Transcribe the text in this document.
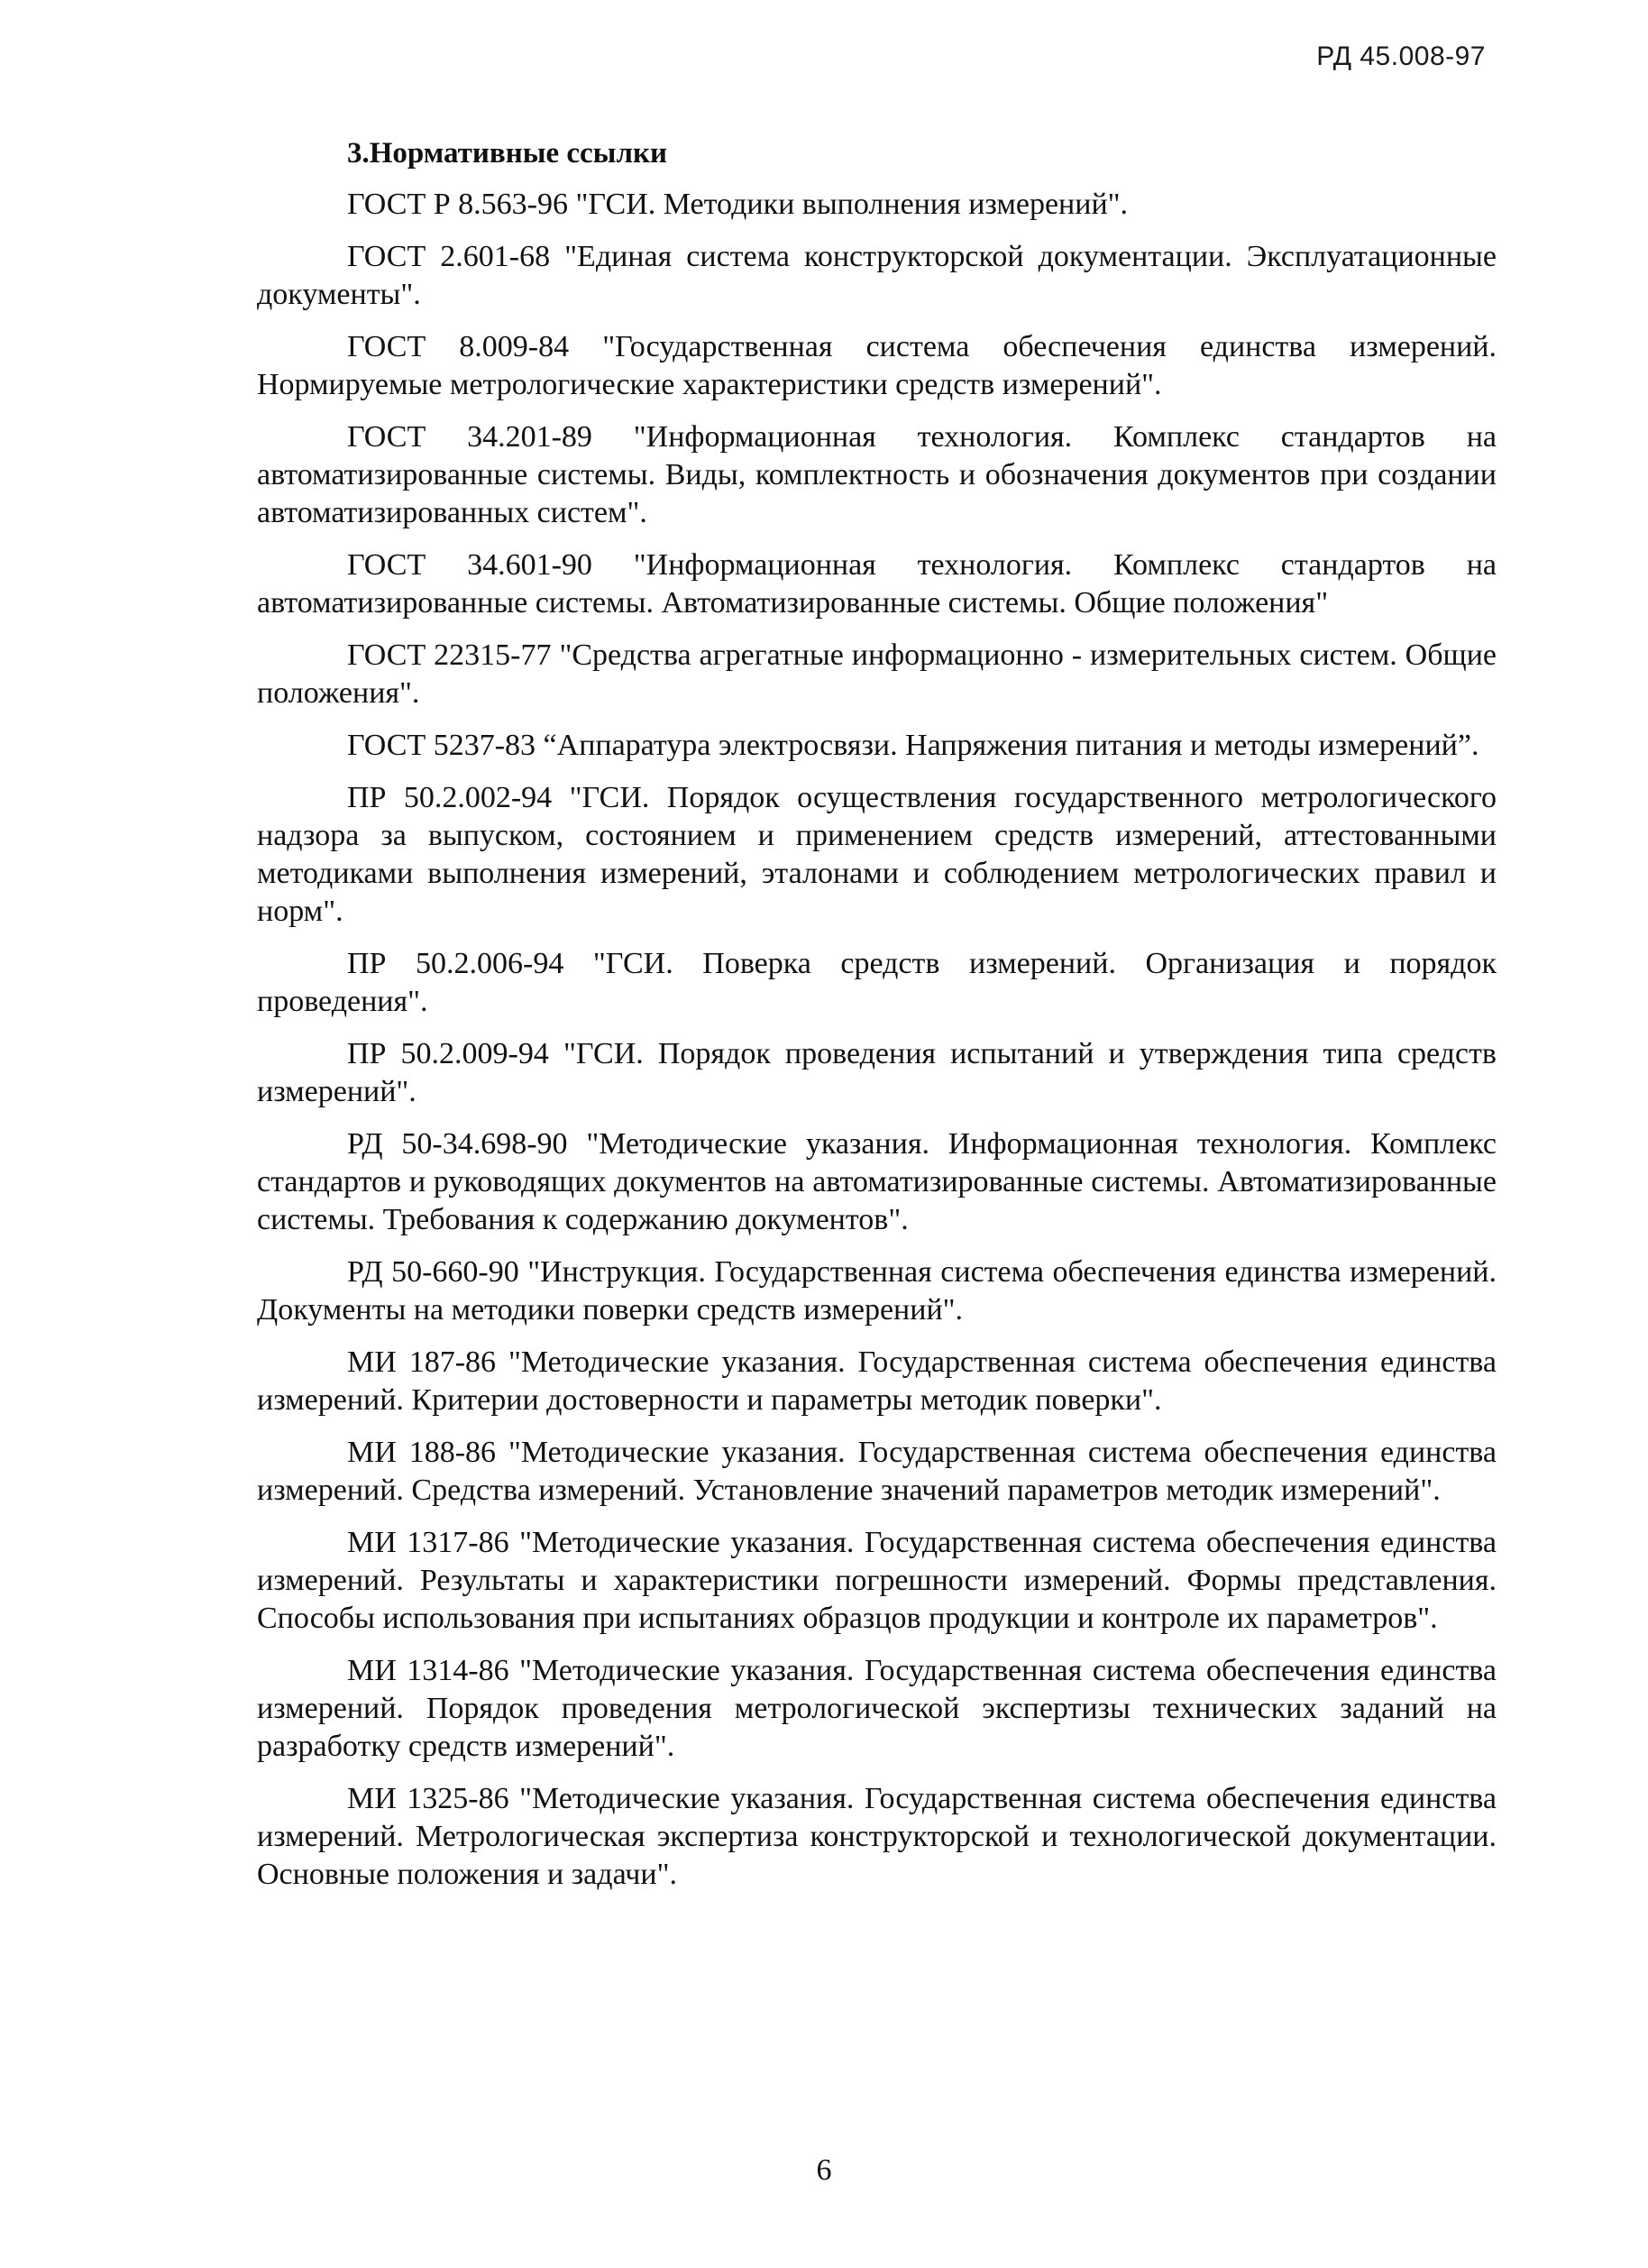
РД 45.008-97
3.Нормативные ссылки

ГОСТ Р 8.563-96 "ГСИ. Методики выполнения измерений".

ГОСТ 2.601-68 "Единая система конструкторской документации. Эксплуатационные документы".

ГОСТ 8.009-84 "Государственная система обеспечения единства измерений. Нормируемые метрологические характеристики средств измерений".

ГОСТ 34.201-89 "Информационная технология. Комплекс стандартов на автоматизированные системы. Виды, комплектность и обозначения документов при создании автоматизированных систем".

ГОСТ 34.601-90 "Информационная технология. Комплекс стандартов на автоматизированные системы. Автоматизированные системы. Общие положения"

ГОСТ 22315-77 "Средства агрегатные информационно - измерительных систем. Общие положения".

ГОСТ 5237-83 “Аппаратура электросвязи. Напряжения питания и методы измерений”.

ПР 50.2.002-94 "ГСИ. Порядок осуществления государственного метрологического надзора за выпуском, состоянием и применением средств измерений, аттестованными методиками выполнения измерений, эталонами и соблюдением метрологических правил и норм".

ПР 50.2.006-94 "ГСИ. Поверка средств измерений. Организация и порядок проведения".

ПР 50.2.009-94 "ГСИ. Порядок проведения испытаний и утверждения типа средств измерений".

РД 50-34.698-90 "Методические указания. Информационная технология. Комплекс стандартов и руководящих документов на автоматизированные системы. Автоматизированные системы. Требования к содержанию документов".

РД 50-660-90 "Инструкция. Государственная система обеспечения единства измерений. Документы на методики поверки средств измерений".

МИ 187-86 "Методические указания. Государственная система обеспечения единства измерений. Критерии достоверности и параметры методик поверки".

МИ 188-86 "Методические указания. Государственная система обеспечения единства измерений. Средства измерений. Установление значений параметров методик измерений".

МИ 1317-86 "Методические указания. Государственная система обеспечения единства измерений. Результаты и характеристики погрешности измерений. Формы представления. Способы использования при испытаниях образцов продукции и контроле их параметров".

МИ 1314-86 "Методические указания. Государственная система обеспечения единства измерений. Порядок проведения метрологической экспертизы технических заданий на разработку средств измерений".

МИ 1325-86 "Методические указания. Государственная система обеспечения единства измерений. Метрологическая экспертиза конструкторской и технологической документации. Основные положения и задачи".

6
